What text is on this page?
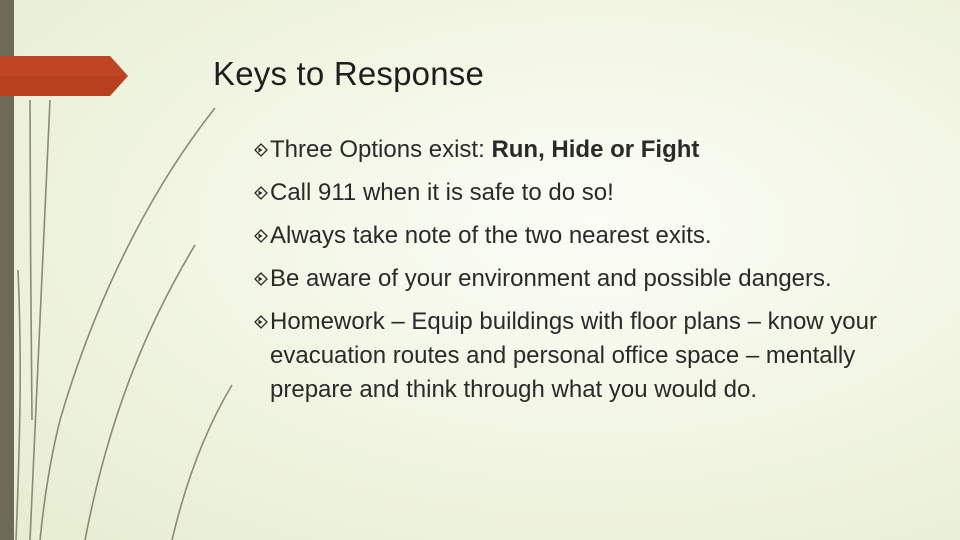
Keys to Response
Three Options exist: Run, Hide or Fight
Call 911 when it is safe to do so!
Always take note of the two nearest exits.
Be aware of your environment and possible dangers.
Homework – Equip buildings with floor plans – know your evacuation routes and personal office space – mentally prepare and think through what you would do.
